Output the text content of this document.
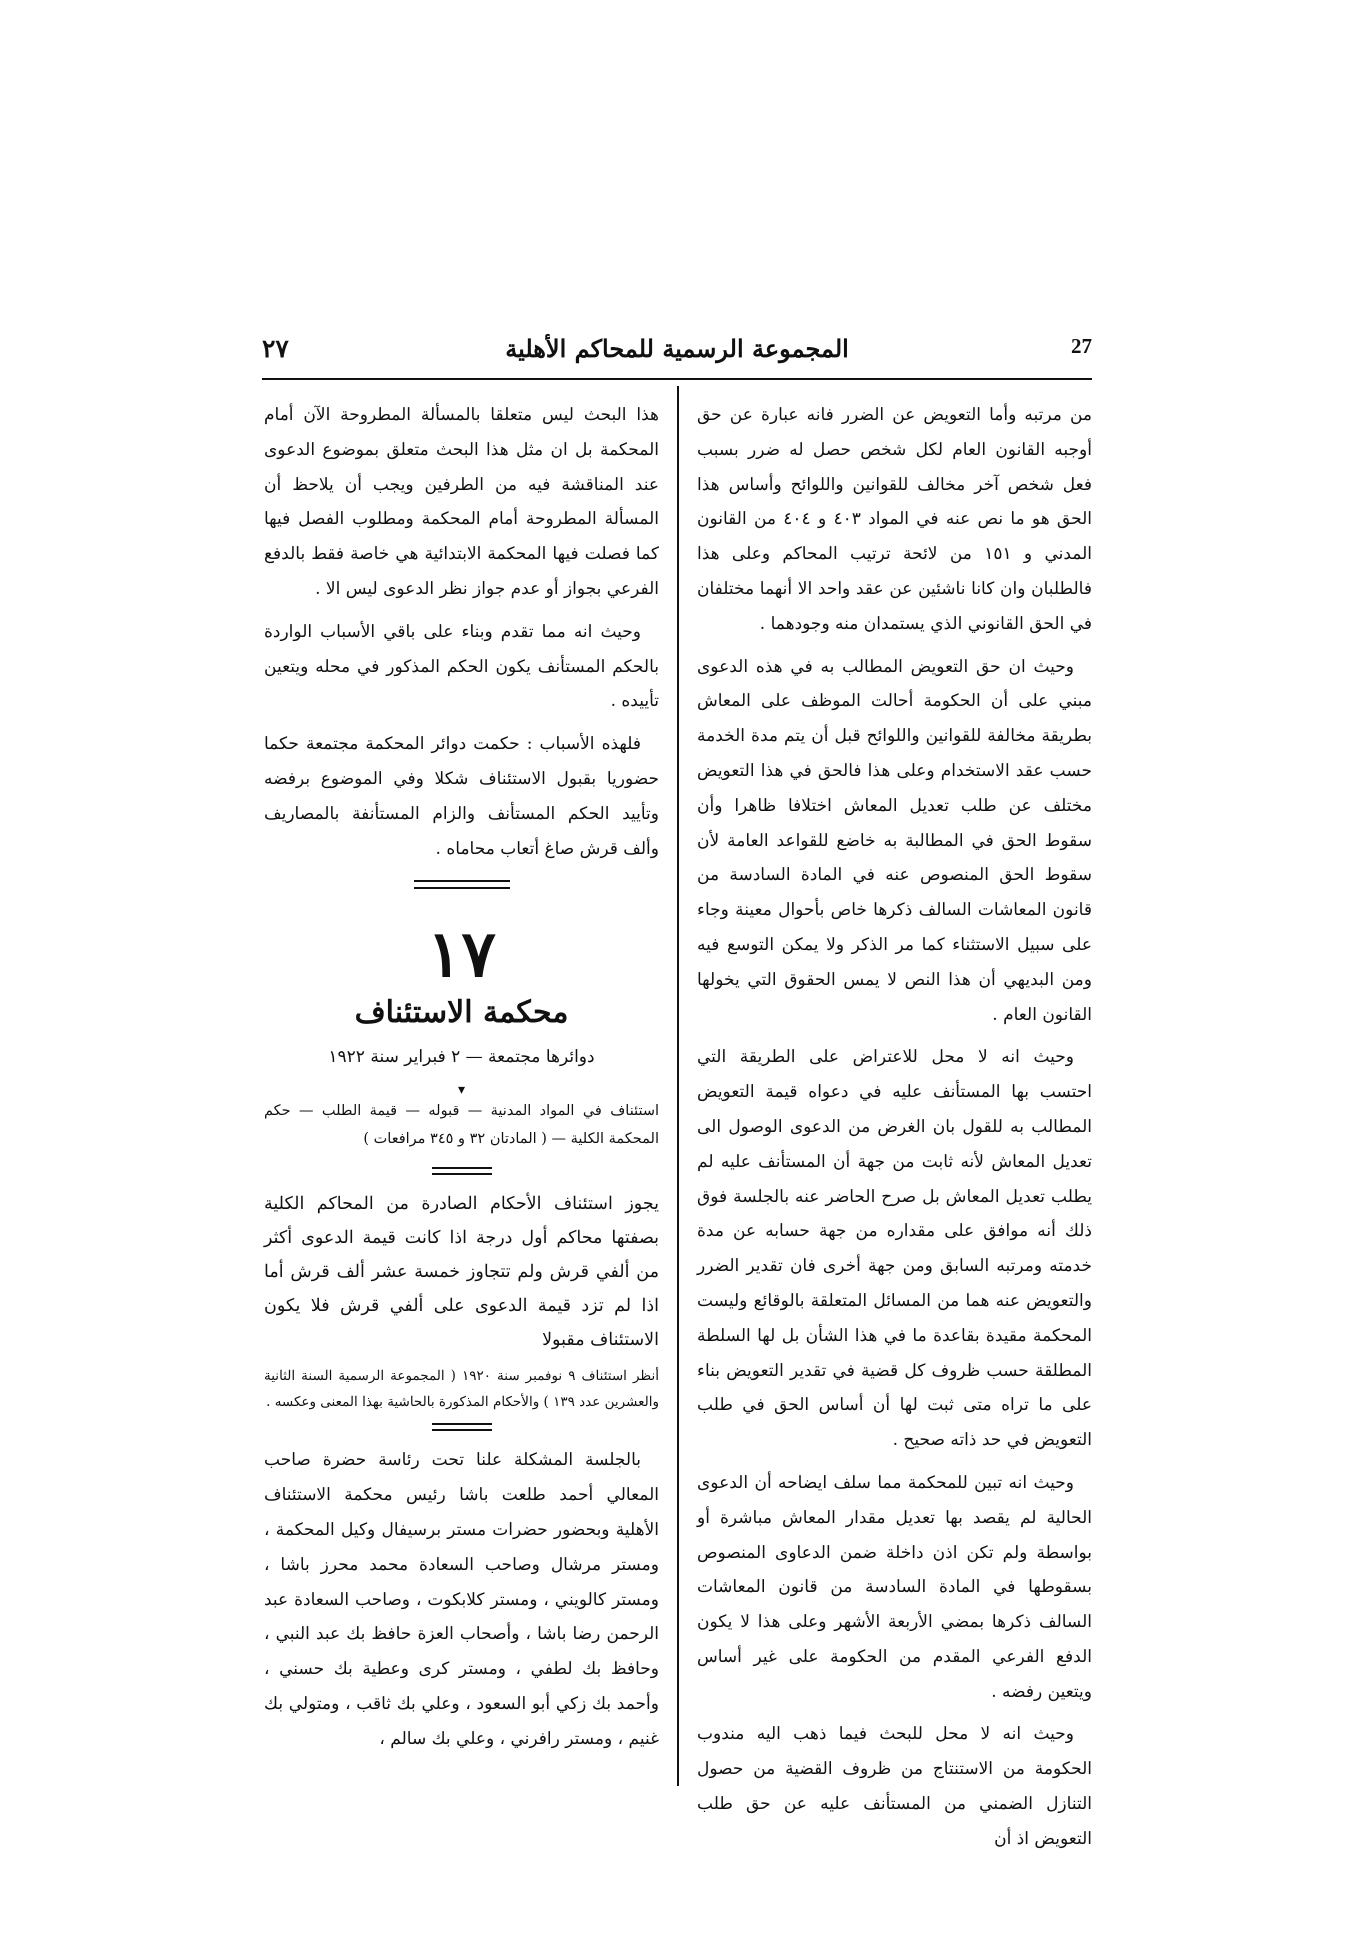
٢٧	المجموعة الرسمية للمحاكم الأهلية	27

من مرتبه وأما التعويض عن الضرر فانه عبارة عن حق أوجبه القانون العام لكل شخص حصل له ضرر بسبب فعل شخص آخر مخالف للقوانين واللوائح وأساس هذا الحق هو ما نص عنه في المواد ٤٠٣ و ٤٠٤ من القانون المدني و ١٥١ من لائحة ترتيب المحاكم وعلى هذا فالطلبان وان كانا ناشئين عن عقد واحد الا أنهما مختلفان في الحق القانوني الذي يستمدان منه وجودهما .

وحيث ان حق التعويض المطالب به في هذه الدعوى مبني على أن الحكومة أحالت الموظف على المعاش بطريقة مخالفة للقوانين واللوائح قبل أن يتم مدة الخدمة حسب عقد الاستخدام وعلى هذا فالحق في هذا التعويض مختلف عن طلب تعديل المعاش اختلافا ظاهرا وأن سقوط الحق في المطالبة به خاضع للقواعد العامة لأن سقوط الحق المنصوص عنه في المادة السادسة من قانون المعاشات السالف ذكرها خاص بأحوال معينة وجاء على سبيل الاستثناء كما مر الذكر ولا يمكن التوسع فيه ومن البديهي أن هذا النص لا يمس الحقوق التي يخولها القانون العام .

وحيث انه لا محل للاعتراض على الطريقة التي احتسب بها المستأنف عليه في دعواه قيمة التعويض المطالب به للقول بان الغرض من الدعوى الوصول الى تعديل المعاش لأنه ثابت من جهة أن المستأنف عليه لم يطلب تعديل المعاش بل صرح الحاضر عنه بالجلسة فوق ذلك أنه موافق على مقداره من جهة حسابه عن مدة خدمته ومرتبه السابق ومن جهة أخرى فان تقدير الضرر والتعويض عنه هما من المسائل المتعلقة بالوقائع وليست المحكمة مقيدة بقاعدة ما في هذا الشأن بل لها السلطة المطلقة حسب ظروف كل قضية في تقدير التعويض بناء على ما تراه متى ثبت لها أن أساس الحق في طلب التعويض في حد ذاته صحيح .

وحيث انه تبين للمحكمة مما سلف ايضاحه أن الدعوى الحالية لم يقصد بها تعديل مقدار المعاش مباشرة أو بواسطة ولم تكن اذن داخلة ضمن الدعاوى المنصوص بسقوطها في المادة السادسة من قانون المعاشات السالف ذكرها بمضي الأربعة الأشهر وعلى هذا لا يكون الدفع الفرعي المقدم من الحكومة على غير أساس ويتعين رفضه .

وحيث انه لا محل للبحث فيما ذهب اليه مندوب الحكومة من الاستنتاج من ظروف القضية من حصول التنازل الضمني من المستأنف عليه عن حق طلب التعويض اذ أن

هذا البحث ليس متعلقا بالمسألة المطروحة الآن أمام المحكمة بل ان مثل هذا البحث متعلق بموضوع الدعوى عند المناقشة فيه من الطرفين ويجب أن يلاحظ أن المسألة المطروحة أمام المحكمة ومطلوب الفصل فيها كما فصلت فيها المحكمة الابتدائية هي خاصة فقط بالدفع الفرعي بجواز أو عدم جواز نظر الدعوى ليس الا .

وحيث انه مما تقدم وبناء على باقي الأسباب الواردة بالحكم المستأنف يكون الحكم المذكور في محله ويتعين تأييده .

فلهذه الأسباب : حكمت دوائر المحكمة مجتمعة حكما حضوريا بقبول الاستئناف شكلا وفي الموضوع برفضه وتأييد الحكم المستأنف والزام المستأنفة بالمصاريف وألف قرش صاغ أتعاب محاماه .

١٧
محكمة الاستئناف
دوائرها مجتمعة — ٢ فبراير سنة ١٩٢٢

▾

استئناف في المواد المدنية — قبوله — قيمة الطلب — حكم المحكمة الكلية — ( المادتان ٣٢ و ٣٤٥ مرافعات )

يجوز استئناف الأحكام الصادرة من المحاكم الكلية بصفتها محاكم أول درجة اذا كانت قيمة الدعوى أكثر من ألفي قرش ولم تتجاوز خمسة عشر ألف قرش أما اذا لم تزد قيمة الدعوى على ألفي قرش فلا يكون الاستئناف مقبولا

أنظر استئناف ٩ نوفمبر سنة ١٩٢٠ ( المجموعة الرسمية السنة الثانية والعشرين عدد ١٣٩ ) والأحكام المذكورة بالحاشية بهذا المعنى وعكسه .

بالجلسة المشكلة علنا تحت رئاسة حضرة صاحب المعالي أحمد طلعت باشا رئيس محكمة الاستئناف الأهلية وبحضور حضرات مستر برسيفال وكيل المحكمة ، ومستر مرشال وصاحب السعادة محمد محرز باشا ، ومستر كالويني ، ومستر كلابكوت ، وصاحب السعادة عبد الرحمن رضا باشا ، وأصحاب العزة حافظ بك عبد النبي ، وحافظ بك لطفي ، ومستر كرى وعطية بك حسني ، وأحمد بك زكي أبو السعود ، وعلي بك ثاقب ، ومتولي بك غنيم ، ومستر رافرني ، وعلي بك سالم ،
